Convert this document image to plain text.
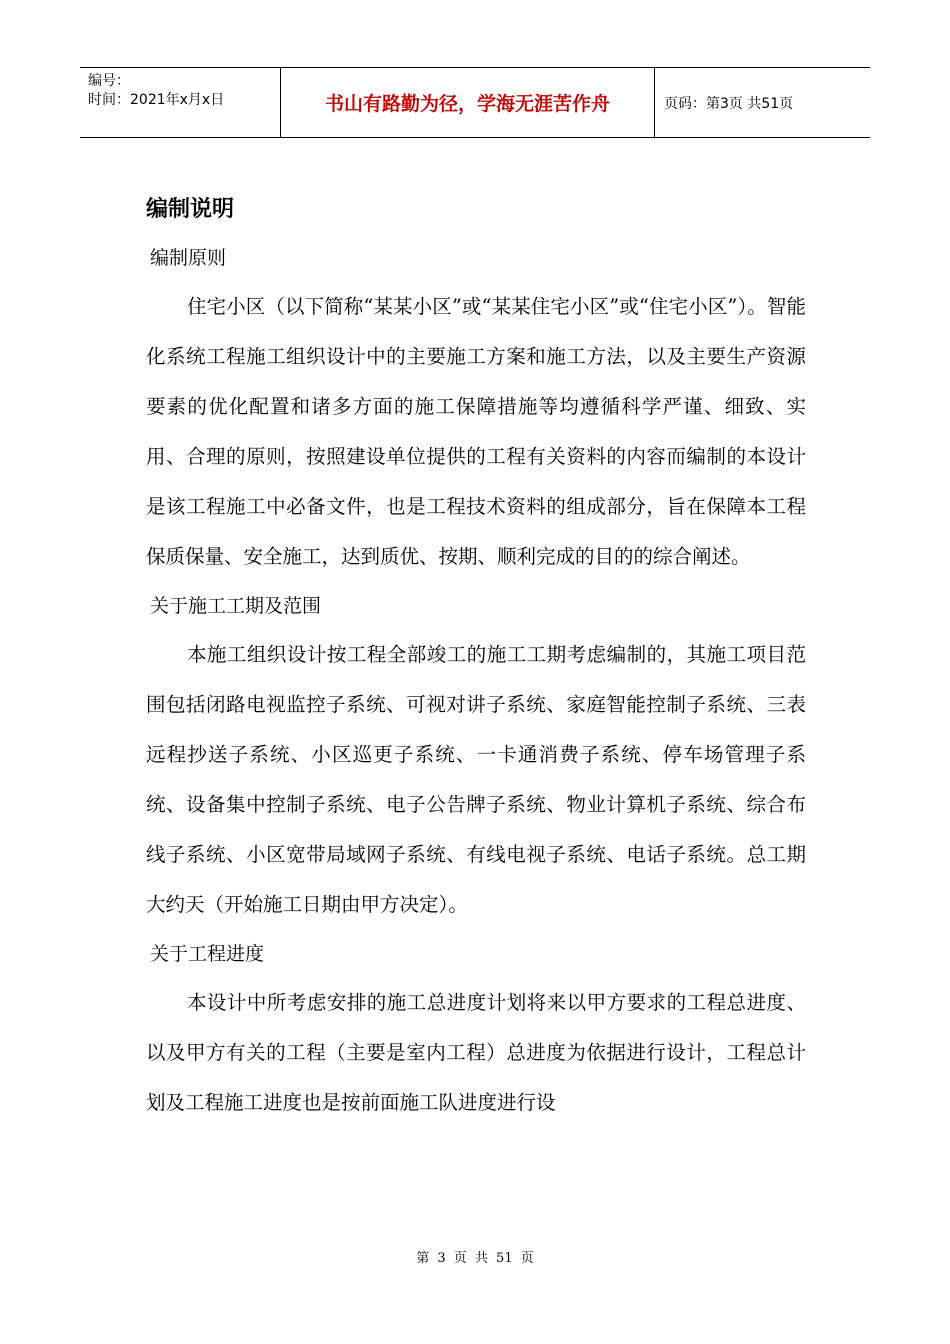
编号：
时间：2021年x月x日	书山有路勤为径，学海无涯苦作舟	页码：第3页 共51页
编制说明
编制原则
住宅小区（以下简称“某某小区”或“某某住宅小区”或“住宅小区”）。智能化系统工程施工组织设计中的主要施工方案和施工方法，以及主要生产资源要素的优化配置和诸多方面的施工保障措施等均遵循科学严谨、细致、实用、合理的原则，按照建设单位提供的工程有关资料的内容而编制的本设计是该工程施工中必备文件，也是工程技术资料的组成部分，旨在保障本工程保质保量、安全施工，达到质优、按期、顺利完成的目的的综合阐述。
关于施工工期及范围
本施工组织设计按工程全部竣工的施工工期考虑编制的，其施工项目范围包括闭路电视监控子系统、可视对讲子系统、家庭智能控制子系统、三表远程抄送子系统、小区巡更子系统、一卡通消费子系统、停车场管理子系统、设备集中控制子系统、电子公告牌子系统、物业计算机子系统、综合布线子系统、小区宽带局域网子系统、有线电视子系统、电话子系统。总工期大约天（开始施工日期由甲方决定）。
关于工程进度
本设计中所考虑安排的施工总进度计划将来以甲方要求的工程总进度、以及甲方有关的工程（主要是室内工程）总进度为依据进行设计，工程总计划及工程施工进度也是按前面施工队进度进行设
第 3 页 共 51 页
